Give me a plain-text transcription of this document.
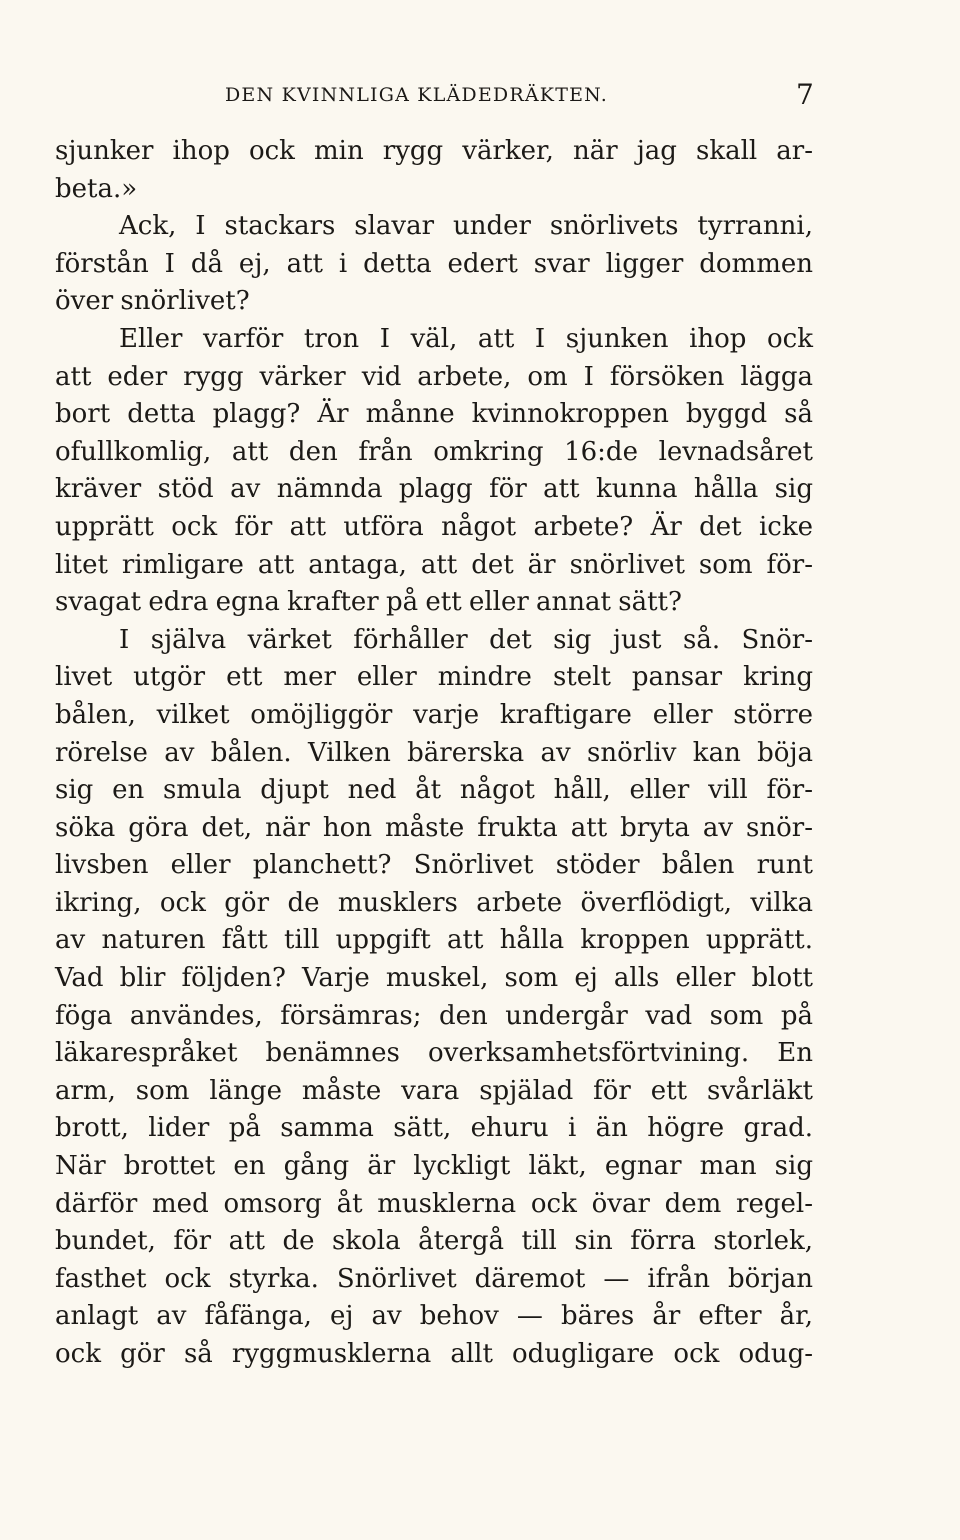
DEN KVINNLIGA KLÄDEDRÄKTEN.	7
sjunker ihop ock min rygg värker, när jag skall ar-
beta.»
Ack, I stackars slavar under snörlivets tyrranni,
förstån I då ej, att i detta edert svar ligger dommen
över snörlivet?
Eller varför tron I väl, att I sjunken ihop ock
att eder rygg värker vid arbete, om I försöken lägga
bort detta plagg? Är månne kvinnokroppen byggd så
ofullkomlig, att den från omkring 16:de levnadsåret
kräver stöd av nämnda plagg för att kunna hålla sig
upprätt ock för att utföra något arbete? Är det icke
litet rimligare att antaga, att det är snörlivet som för-
svagat edra egna krafter på ett eller annat sätt?
I själva värket förhåller det sig just så. Snör-
livet utgör ett mer eller mindre stelt pansar kring
bålen, vilket omöjliggör varje kraftigare eller större
rörelse av bålen. Vilken bärerska av snörliv kan böja
sig en smula djupt ned åt något håll, eller vill för-
söka göra det, när hon måste frukta att bryta av snör-
livsben eller planchett? Snörlivet stöder bålen runt
ikring, ock gör de musklers arbete överflödigt, vilka
av naturen fått till uppgift att hålla kroppen upprätt.
Vad blir följden? Varje muskel, som ej alls eller blott
föga användes, försämras; den undergår vad som på
läkarespråket benämnes overksamhetsförtvining. En
arm, som länge måste vara spjälad för ett svårläkt
brott, lider på samma sätt, ehuru i än högre grad.
När brottet en gång är lyckligt läkt, egnar man sig
därför med omsorg åt musklerna ock övar dem regel-
bundet, för att de skola återgå till sin förra storlek,
fasthet ock styrka. Snörlivet däremot — ifrån början
anlagt av fåfänga, ej av behov — bäres år efter år,
ock gör så ryggmusklerna allt odugligare ock odug-
